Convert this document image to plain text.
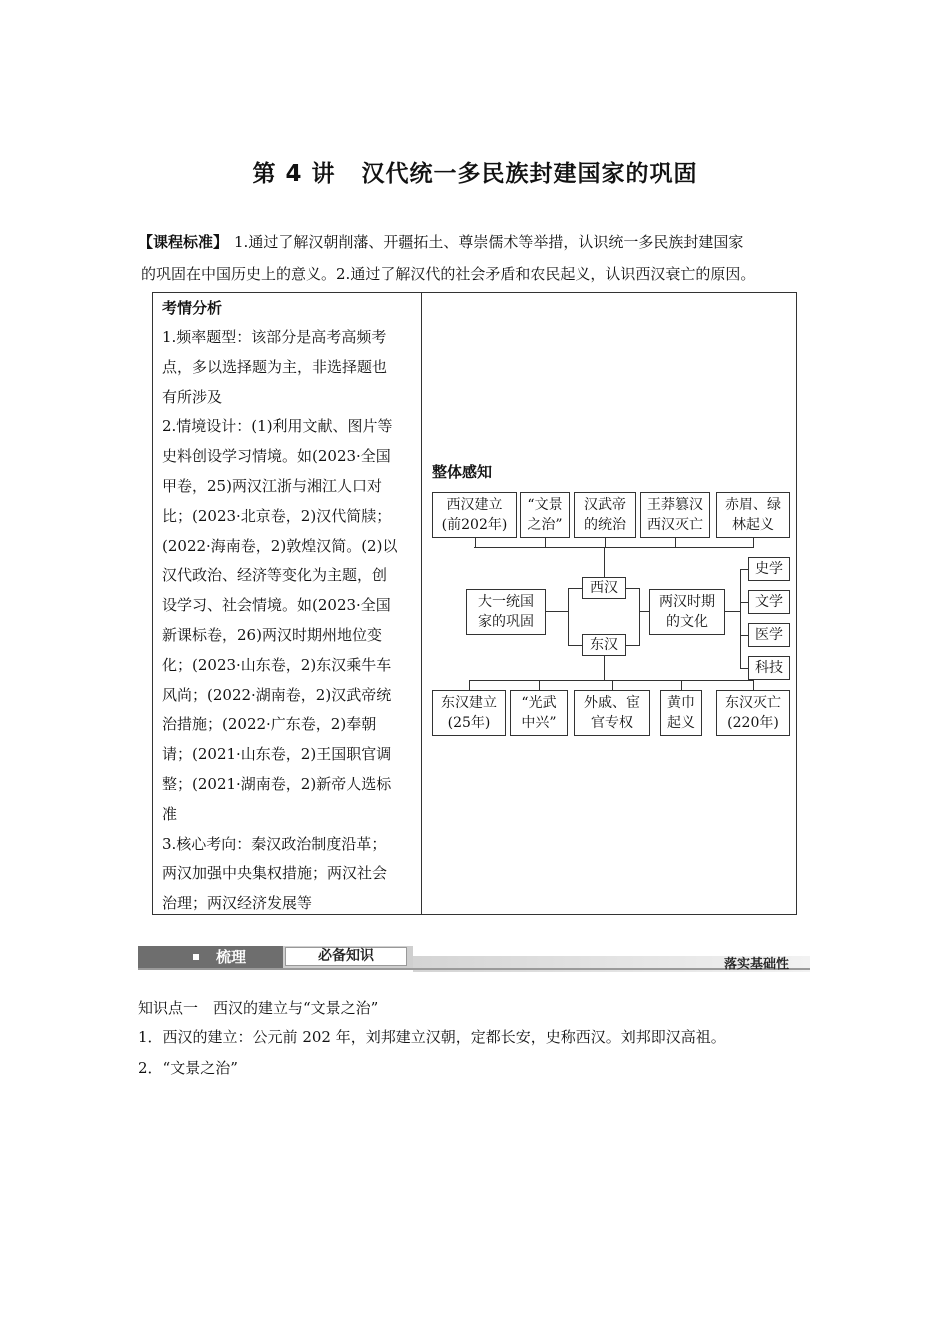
第 4 讲 汉代统一多民族封建国家的巩固
【课程标准】 1.通过了解汉朝削藩、开疆拓土、尊崇儒术等举措，认识统一多民族封建国家
的巩固在中国历史上的意义。2.通过了解汉代的社会矛盾和农民起义，认识西汉衰亡的原因。
考情分析
1.频率题型：该部分是高考高频考
点，多以选择题为主，非选择题也
有所涉及
2.情境设计：(1)利用文献、图片等
史料创设学习情境。如(2023·全国
甲卷，25)两汉江浙与湘江人口对
比；(2023·北京卷，2)汉代简牍；
(2022·海南卷，2)敦煌汉简。(2)以
汉代政治、经济等变化为主题，创
设学习、社会情境。如(2023·全国
新课标卷，26)两汉时期州地位变
化；(2023·山东卷，2)东汉乘牛车
风尚；(2022·湖南卷，2)汉武帝统
治措施；(2022·广东卷，2)奉朝
请；(2021·山东卷，2)王国职官调
整；(2021·湖南卷，2)新帝人选标
准
3.核心考向：秦汉政治制度沿革；
两汉加强中央集权措施；两汉社会
治理；两汉经济发展等
整体感知
西汉建立
(前202年)
“文景
之治”
汉武帝
的统治
王莽篡汉
西汉灭亡
赤眉、绿
林起义
东汉建立
(25年)
“光武
中兴”
外戚、宦
官专权
黄巾
起义
东汉灭亡
(220年)
西汉
东汉
大一统国
家的巩固
两汉时期
的文化
史学
文学
医学
科技
梳理	必备知识
落实基础性
知识点一　西汉的建立与“文景之治”
1．西汉的建立：公元前 202 年，刘邦建立汉朝，定都长安，史称西汉。刘邦即汉高祖。
2．“文景之治”
